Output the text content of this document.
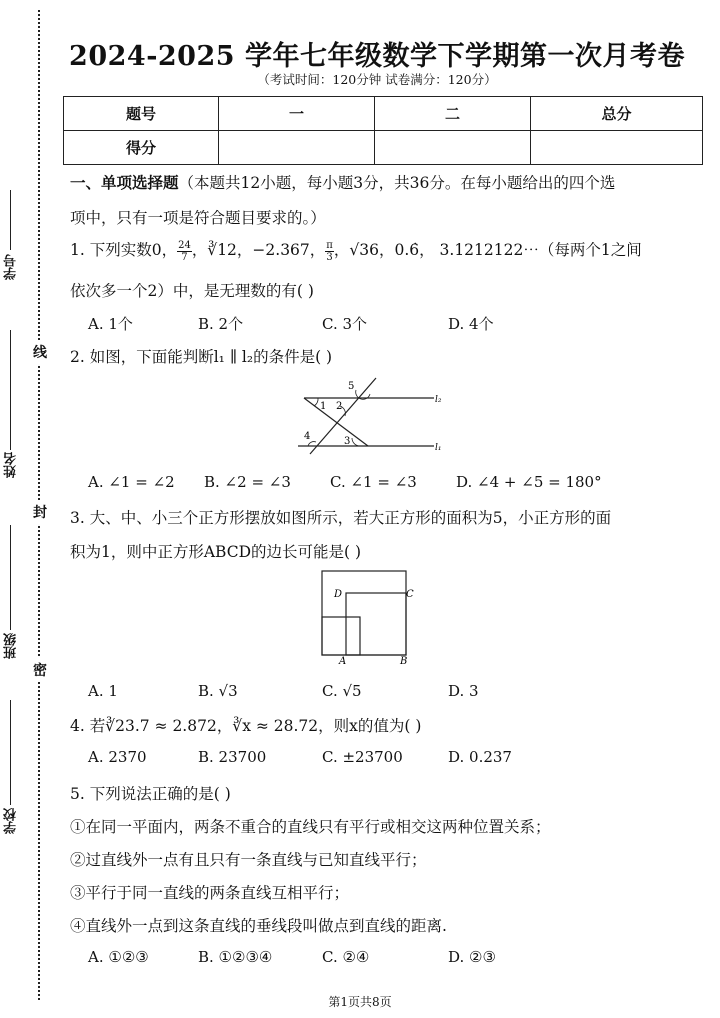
学号
姓名
班级
学校
线
封
密
2024-2025 学年七年级数学下学期第一次月考卷
（考试时间：120分钟 试卷满分：120分）
题号	一	二	总分
得分			
一、单项选择题（本题共12小题，每小题3分，共36分。在每小题给出的四个选
项中，只有一项是符合题目要求的。）
1. 下列实数0， $\frac{24}{7}$ ，∛12，−2.367， $\frac{\pi}{3}$ ，√36，0.6̇， 3.1212122⋯（每两个1之间
依次多一个2）中，是无理数的有( )
A. 1个	B. 2个	C. 3个	D. 4个
2. 如图，下面能判断l₁ ∥ l₂的条件是( )
1 2
3
4
5
l₂
l₁
A. ∠1 = ∠2 B. ∠2 = ∠3	C. ∠1 = ∠3	D. ∠4 + ∠5 = 180°
3. 大、中、小三个正方形摆放如图所示，若大正方形的面积为5，小正方形的面
积为1，则中正方形ABCD的边长可能是( )
D	C
A	B
A. 1	B. √3	C. √5	D. 3
4. 若∛23.7 ≈ 2.872，∛x ≈ 28.72，则x的值为( )
A. 2370	B. 23700	C. ±23700	D. 0.237
5. 下列说法正确的是( )
①在同一平面内，两条不重合的直线只有平行或相交这两种位置关系；
②过直线外一点有且只有一条直线与已知直线平行；
③平行于同一直线的两条直线互相平行；
④直线外一点到这条直线的垂线段叫做点到直线的距离.
A. ①②③	B. ①②③④	C. ②④	D. ②③
第1页共8页
